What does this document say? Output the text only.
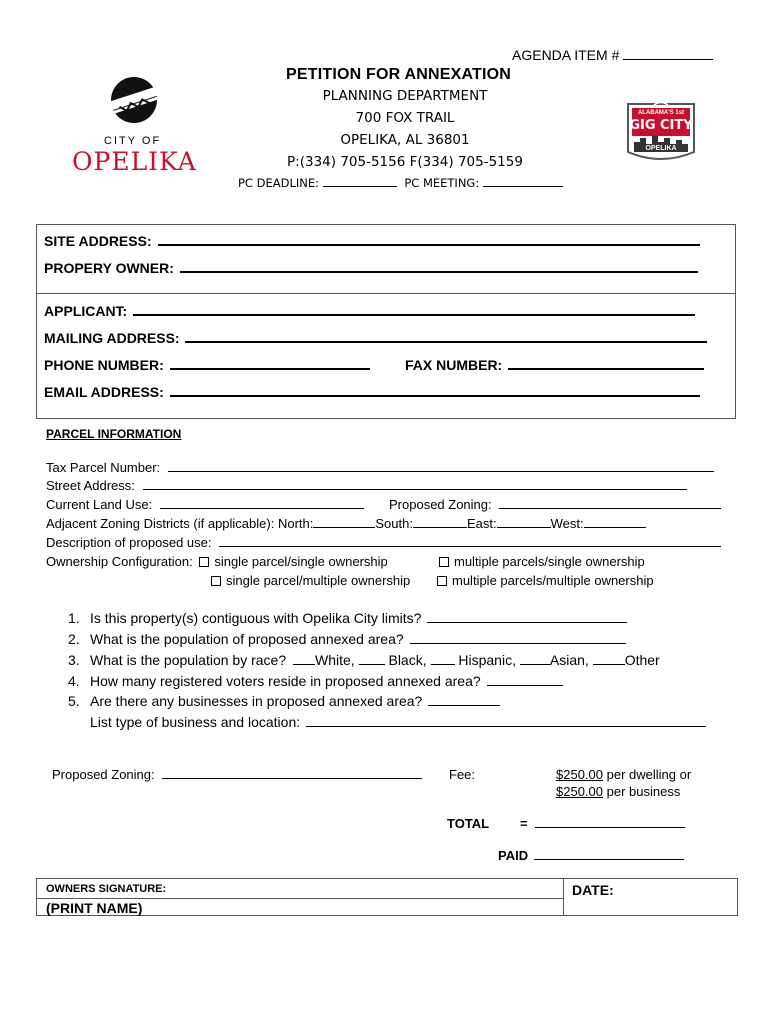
AGENDA ITEM #
PETITION FOR ANNEXATION
PLANNING DEPARTMENT
700 FOX TRAIL
OPELIKA, AL 36801
P:(334) 705-5156 F(334) 705-5159
PC DEADLINE:	PC MEETING:
CITY OF
OPELIKA
ALABAMA'S 1st
GIG CITY
OPELIKA
SITE ADDRESS:
PROPERY OWNER:
APPLICANT:
MAILING ADDRESS:
PHONE NUMBER:	FAX NUMBER:
EMAIL ADDRESS:
PARCEL INFORMATION
Tax Parcel Number:
Street Address:
Current Land Use:	Proposed Zoning:
Adjacent Zoning Districts (if applicable): North:	South:	East:	West:
Description of proposed use:
Ownership Configuration: single parcel/single ownership	multiple parcels/single ownership
single parcel/multiple ownership	multiple parcels/multiple ownership
1. Is this property(s) contiguous with Opelika City limits?
2. What is the population of proposed annexed area?
3. What is the population by race? White, Black, Hispanic, Asian,	Other
4. How many registered voters reside in proposed annexed area?
5. Are there any businesses in proposed annexed area?
List type of business and location:
Proposed Zoning:	Fee:	$250.00 per dwelling or
$250.00 per business
TOTAL =
PAID
OWNERS SIGNATURE:
(PRINT NAME)
DATE:
